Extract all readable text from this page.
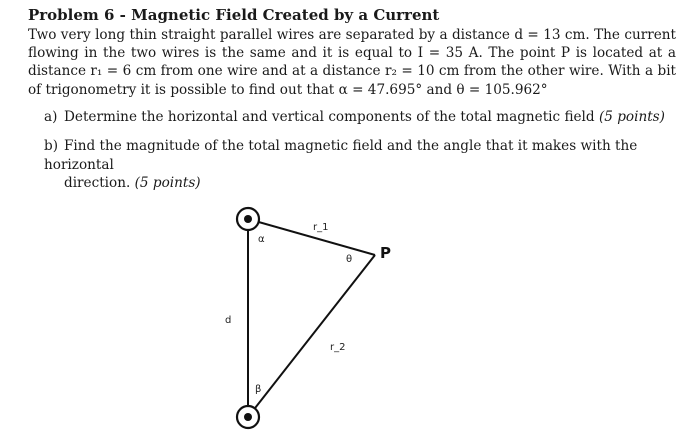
Problem 6 - Magnetic Field Created by a Current
Two very long thin straight parallel wires are separated by a distance d = 13 cm. The current flowing in the two wires is the same and it is equal to I = 35 A. The point P is located at a distance r₁ = 6 cm from one wire and at a distance r₂ = 10 cm from the other wire. With a bit of trigonometry it is possible to find out that α = 47.695° and θ = 105.962°
a) Determine the horizontal and vertical components of the total magnetic field (5 points)
b) Find the magnitude of the total magnetic field and the angle that it makes with the horizontal
direction. (5 points)
α
d
β
r_1
r_2
θ P
